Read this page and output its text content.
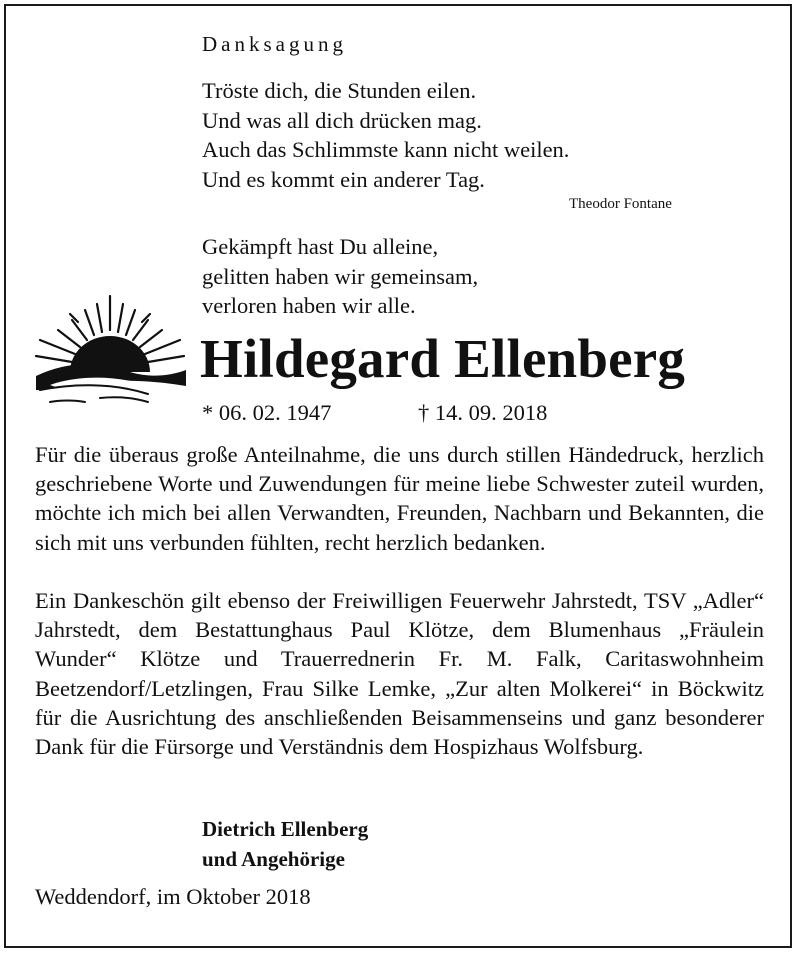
Danksagung
Tröste dich, die Stunden eilen.
Und was all dich drücken mag.
Auch das Schlimmste kann nicht weilen.
Und es kommt ein anderer Tag.
Theodor Fontane
Gekämpft hast Du alleine,
gelitten haben wir gemeinsam,
verloren haben wir alle.
Hildegard Ellenberg
* 06. 02. 1947	† 14. 09. 2018

Für die überaus große Anteilnahme, die uns durch stillen Händedruck, herzlich geschriebene Worte und Zuwendungen für meine liebe Schwester zuteil wurden, möchte ich mich bei allen Verwandten, Freunden, Nachbarn und Bekannten, die sich mit uns verbunden fühlten, recht herzlich bedanken.

Ein Dankeschön gilt ebenso der Freiwilligen Feuerwehr Jahrstedt, TSV „Adler“ Jahrstedt, dem Bestattunghaus Paul Klötze, dem Blumenhaus „Fräulein Wunder“ Klötze und Trauerrednerin Fr. M. Falk, Caritaswohnheim Beetzendorf/Letzlingen, Frau Silke Lemke, „Zur alten Molkerei“ in Böckwitz für die Ausrichtung des anschließenden Beisammenseins und ganz besonderer Dank für die Fürsorge und Verständnis dem Hospizhaus Wolfsburg.

Dietrich Ellenberg
und Angehörige
Weddendorf, im Oktober 2018
